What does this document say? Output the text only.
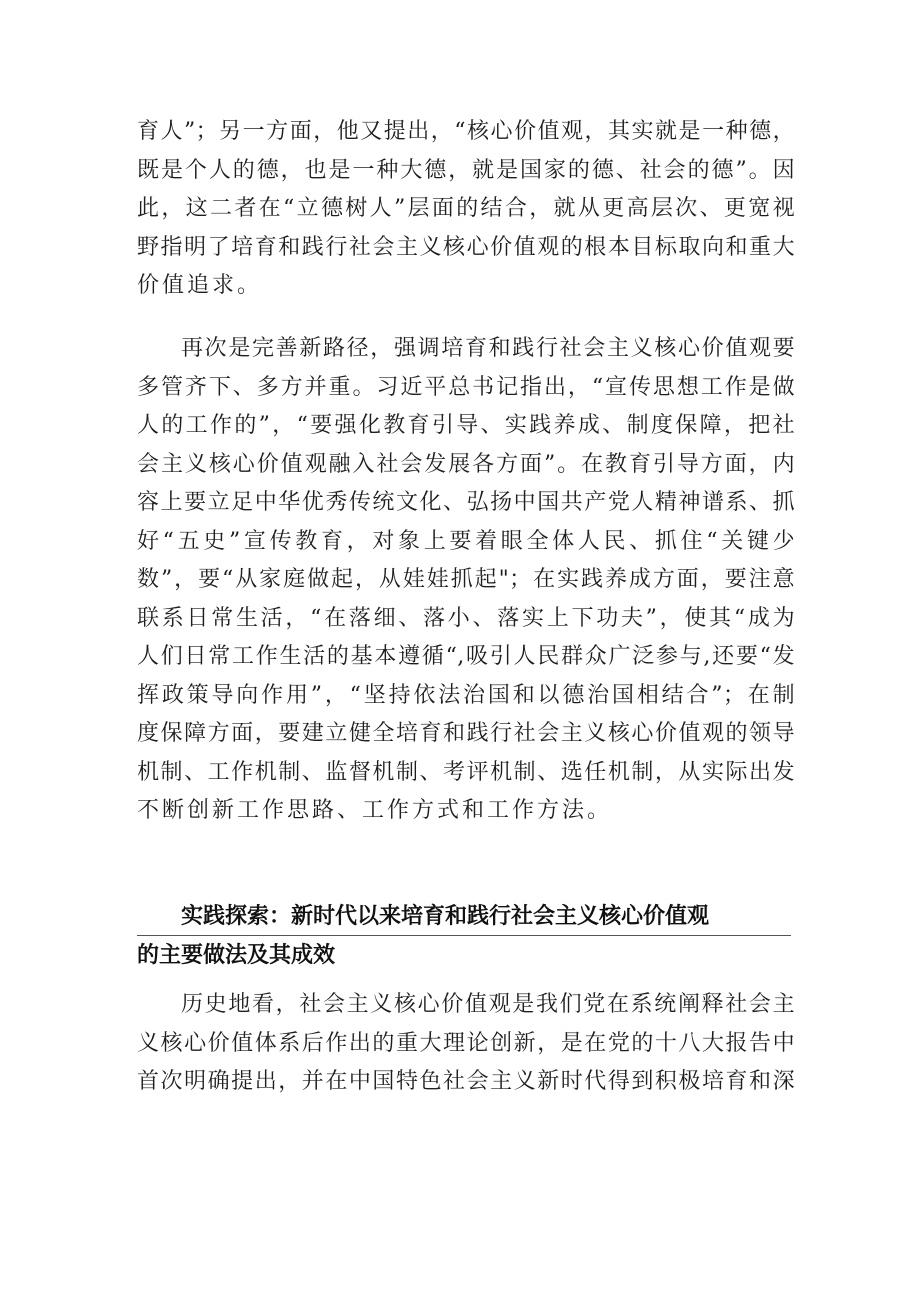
育人”；另一方面，他又提出，“核心价值观，其实就是一种德，
既是个人的德，也是一种大德，就是国家的德、社会的德”。因
此，这二者在“立德树人”层面的结合，就从更高层次、更宽视
野指明了培育和践行社会主义核心价值观的根本目标取向和重大
价值追求。
再次是完善新路径，强调培育和践行社会主义核心价值观要
多管齐下、多方并重。习近平总书记指出，“宣传思想工作是做
人的工作的”，“要强化教育引导、实践养成、制度保障，把社
会主义核心价值观融入社会发展各方面”。在教育引导方面，内
容上要立足中华优秀传统文化、弘扬中国共产党人精神谱系、抓
好“五史”宣传教育，对象上要着眼全体人民、抓住“关键少
数”，要“从家庭做起，从娃娃抓起"；在实践养成方面，要注意
联系日常生活，“在落细、落小、落实上下功夫”，使其“成为
人们日常工作生活的基本遵循“,吸引人民群众广泛参与,还要“发
挥政策导向作用”，“坚持依法治国和以德治国相结合”；在制
度保障方面，要建立健全培育和践行社会主义核心价值观的领导
机制、工作机制、监督机制、考评机制、选任机制，从实际出发
不断创新工作思路、工作方式和工作方法。
实践探索：新时代以来培育和践行社会主义核心价值观
的主要做法及其成效
历史地看，社会主义核心价值观是我们党在系统阐释社会主
义核心价值体系后作出的重大理论创新，是在党的十八大报告中
首次明确提出，并在中国特色社会主义新时代得到积极培育和深
